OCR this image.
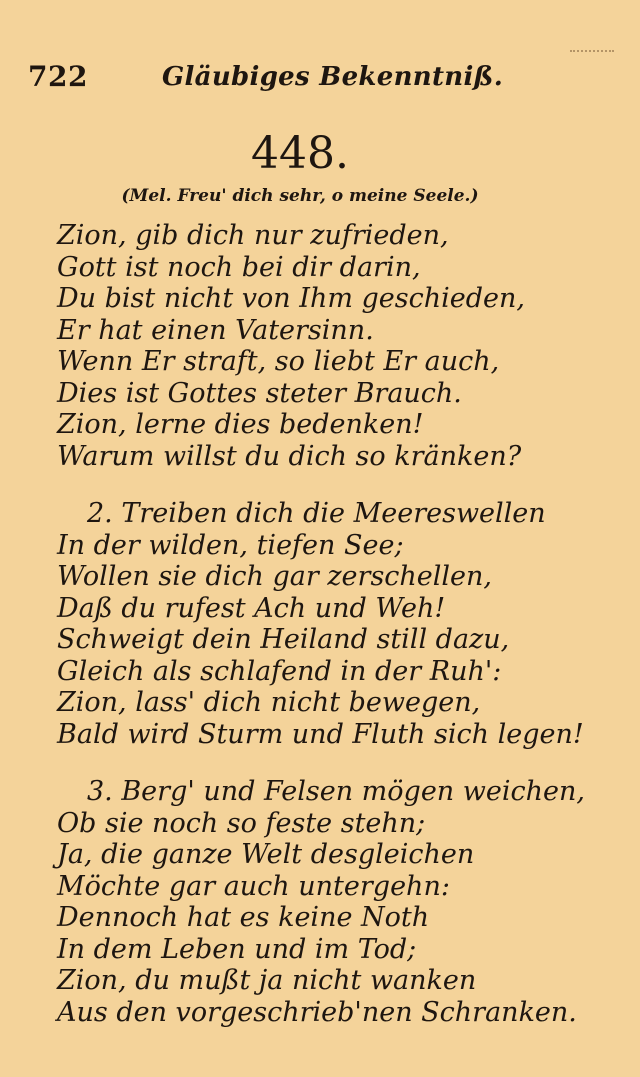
722	Gläubiges Bekenntniß.
448.
(Mel. Freu' dich sehr, o meine Seele.)
Zion, gib dich nur zufrieden,
Gott ist noch bei dir darin,
Du bist nicht von Ihm geschieden,
Er hat einen Vatersinn.
Wenn Er straft, so liebt Er auch,
Dies ist Gottes steter Brauch.
Zion, lerne dies bedenken!
Warum willst du dich so kränken?
2. Treiben dich die Meereswellen
In der wilden, tiefen See;
Wollen sie dich gar zerschellen,
Daß du rufest Ach und Weh!
Schweigt dein Heiland still dazu,
Gleich als schlafend in der Ruh':
Zion, lass' dich nicht bewegen,
Bald wird Sturm und Fluth sich legen!
3. Berg' und Felsen mögen weichen,
Ob sie noch so feste stehn;
Ja, die ganze Welt desgleichen
Möchte gar auch untergehn:
Dennoch hat es keine Noth
In dem Leben und im Tod;
Zion, du mußt ja nicht wanken
Aus den vorgeschrieb'nen Schranken.
